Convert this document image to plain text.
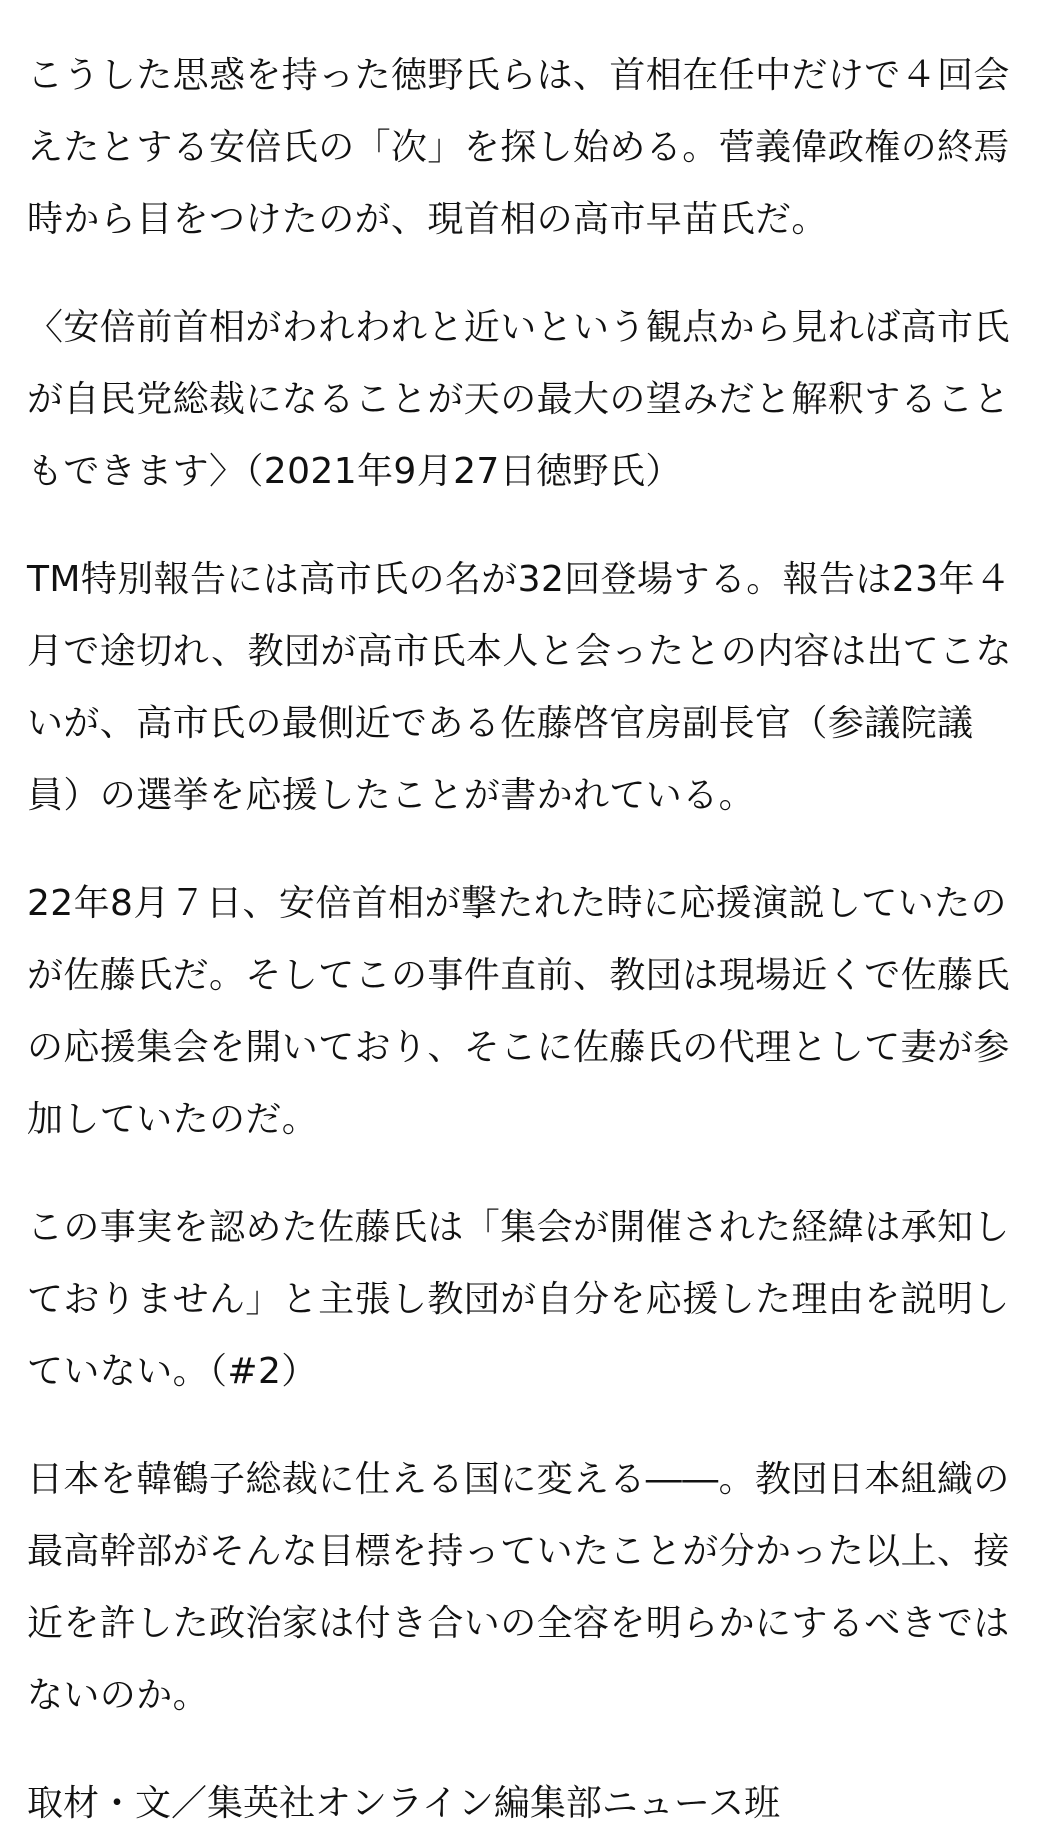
こうした思惑を持った徳野氏らは、首相在任中だけで４回会
えたとする安倍氏の「次」を探し始める。菅義偉政権の終焉
時から目をつけたのが、現首相の高市早苗氏だ。

〈安倍前首相がわれわれと近いという観点から見れば高市氏
が自民党総裁になることが天の最大の望みだと解釈すること
もできます〉（2021年9月27日徳野氏）

TM特別報告には高市氏の名が32回登場する。報告は23年４
月で途切れ、教団が高市氏本人と会ったとの内容は出てこな
いが、高市氏の最側近である佐藤啓官房副長官（参議院議
員）の選挙を応援したことが書かれている。

22年8月７日、安倍首相が撃たれた時に応援演説していたの
が佐藤氏だ。そしてこの事件直前、教団は現場近くで佐藤氏
の応援集会を開いており、そこに佐藤氏の代理として妻が参
加していたのだ。

この事実を認めた佐藤氏は「集会が開催された経緯は承知し
ておりません」と主張し教団が自分を応援した理由を説明し
ていない。（#2）

日本を韓鶴子総裁に仕える国に変える――。教団日本組織の
最高幹部がそんな目標を持っていたことが分かった以上、接
近を許した政治家は付き合いの全容を明らかにするべきでは
ないのか。

取材・文／集英社オンライン編集部ニュース班
